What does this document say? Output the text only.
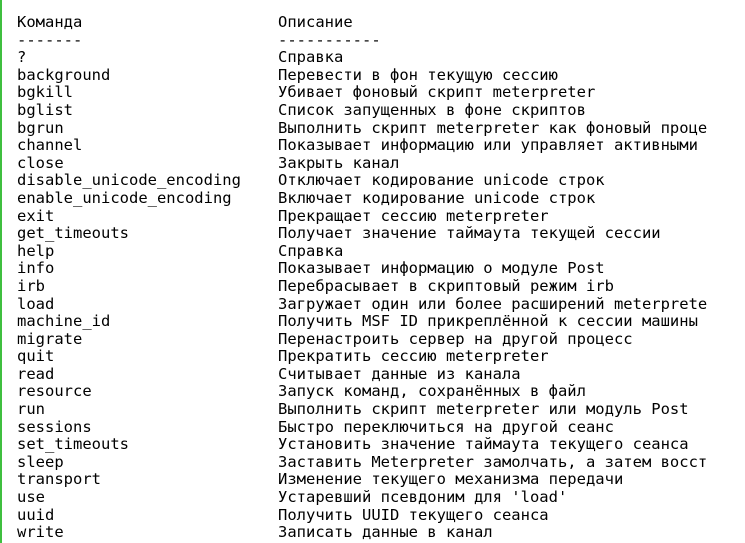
Команда	Описание
-------	-----------
?	Справка
background	Перевести в фон текущую сессию
bgkill	Убивает фоновый скрипт meterpreter
bglist	Список запущенных в фоне скриптов
bgrun	Выполнить скрипт meterpreter как фоновый проце
channel	Показывает информацию или управляет активными
close	Закрыть канал
disable_unicode_encoding	Отключает кодирование unicode строк
enable_unicode_encoding	Включает кодирование unicode строк
exit	Прекращает сессию meterpreter
get_timeouts	Получает значение таймаута текущей сессии
help	Справка
info	Показывает информацию о модуле Post
irb	Перебрасывает в скриптовый режим irb
load	Загружает один или более расширений meterprete
machine_id	Получить MSF ID прикреплённой к сессии машины
migrate	Перенастроить сервер на другой процесс
quit	Прекратить сессию meterpreter
read	Считывает данные из канала
resource	Запуск команд, сохранённых в файл
run	Выполнить скрипт meterpreter или модуль Post
sessions	Быстро переключиться на другой сеанс
set_timeouts	Установить значение таймаута текущего сеанса
sleep	Заставить Meterpreter замолчать, а затем восст
transport	Изменение текущего механизма передачи
use	Устаревший псевдоним для 'load'
uuid	Получить UUID текущего сеанса
write	Записать данные в канал
